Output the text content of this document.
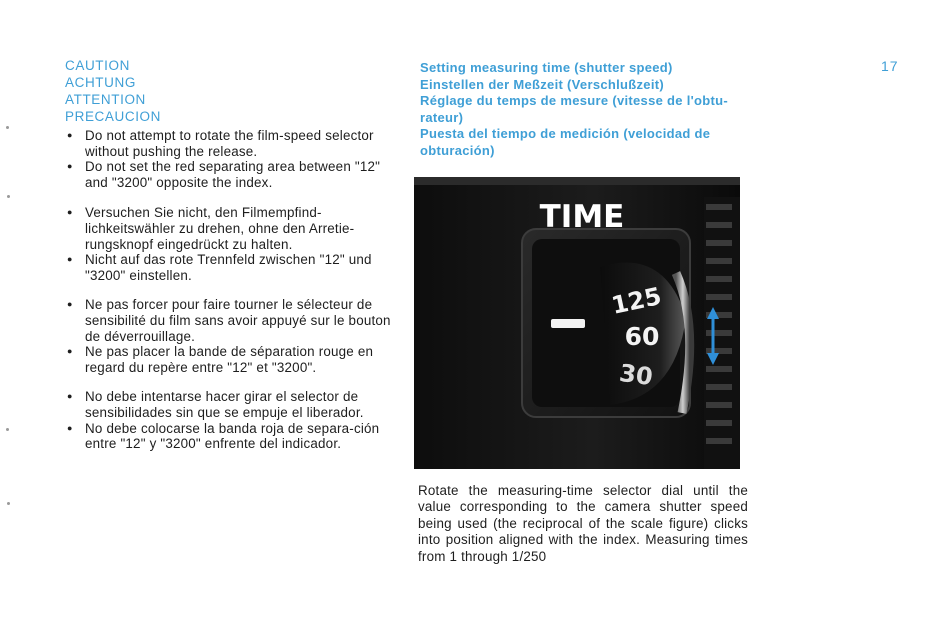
17
CAUTION
ACHTUNG
ATTENTION
PRECAUCION
● Do not attempt to rotate the film-speed selector without pushing the release.
● Do not set the red separating area between "12" and "3200" opposite the index.
● Versuchen Sie nicht, den Filmempfind-lichkeitswähler zu drehen, ohne den Arretie-rungsknopf eingedrückt zu halten.
● Nicht auf das rote Trennfeld zwischen "12" und "3200" einstellen.
● Ne pas forcer pour faire tourner le sélecteur de sensibilité du film sans avoir appuyé sur le bouton de déverrouillage.
● Ne pas placer la bande de séparation rouge en regard du repère entre "12" et "3200".
● No debe intentarse hacer girar el selector de sensibilidades sin que se empuje el liberador.
● No debe colocarse la banda roja de separa-ción entre "12" y "3200" enfrente del indicador.
Setting measuring time (shutter speed)
Einstellen der Meßzeit (Verschlußzeit)
Réglage du temps de mesure (vitesse de l'obtu-rateur)
Puesta del tiempo de medición (velocidad de obturación)
125
60
30
TIME
Rotate the measuring-time selector dial until the value corresponding to the camera shutter speed being used (the reciprocal of the scale figure) clicks into position aligned with the index. Measuring times from 1 through 1/250
